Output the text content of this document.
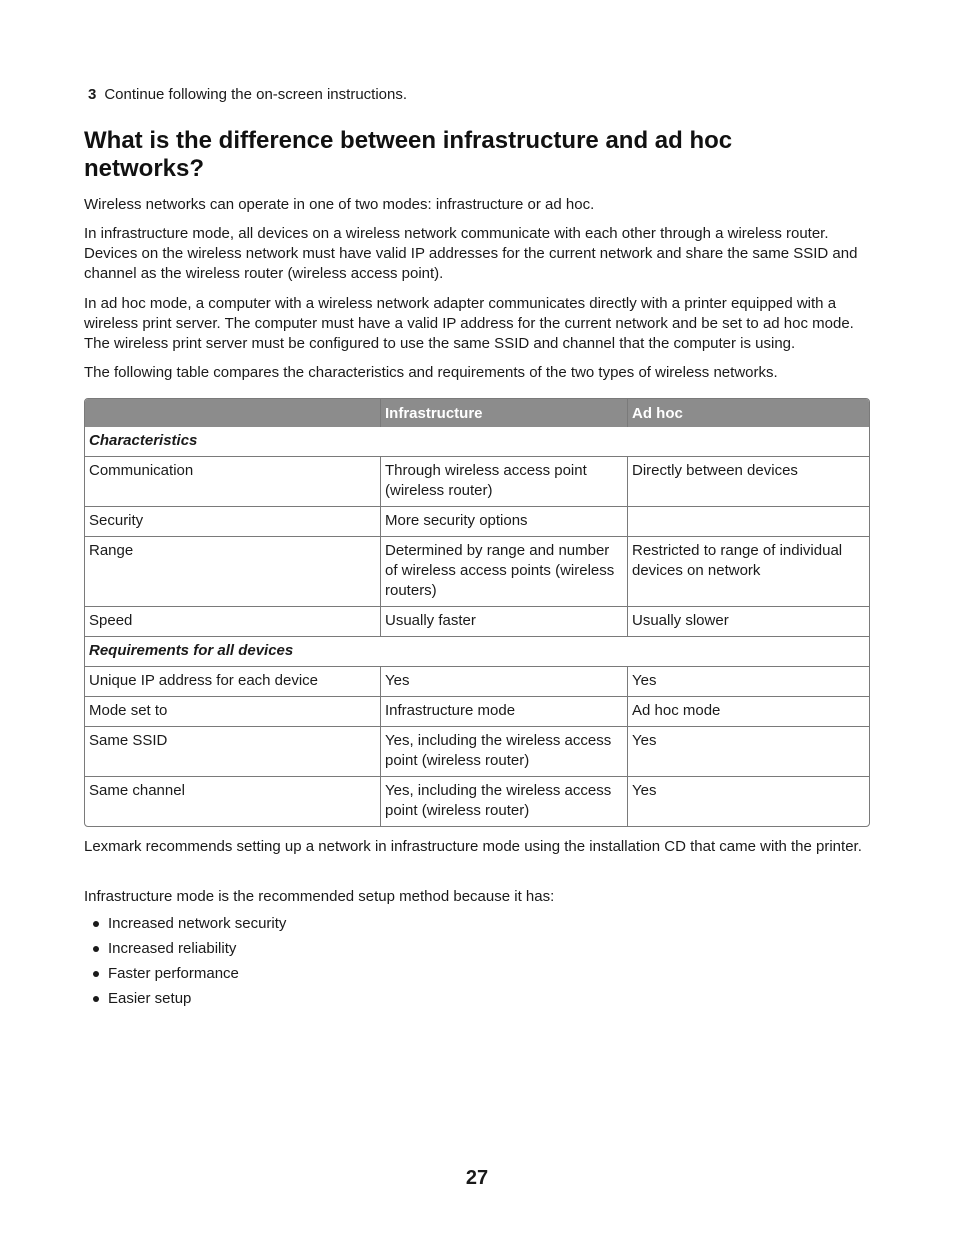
3 Continue following the on-screen instructions.
What is the difference between infrastructure and ad hoc networks?

Wireless networks can operate in one of two modes: infrastructure or ad hoc.

In infrastructure mode, all devices on a wireless network communicate with each other through a wireless router. Devices on the wireless network must have valid IP addresses for the current network and share the same SSID and channel as the wireless router (wireless access point).

In ad hoc mode, a computer with a wireless network adapter communicates directly with a printer equipped with a wireless print server. The computer must have a valid IP address for the current network and be set to ad hoc mode. The wireless print server must be configured to use the same SSID and channel that the computer is using.

The following table compares the characteristics and requirements of the two types of wireless networks.

	Infrastructure	Ad hoc
Characteristics		
Communication	Through wireless access point (wireless router)	Directly between devices
Security	More security options	
Range	Determined by range and number of wireless access points (wireless routers)	Restricted to range of individual devices on network
Speed	Usually faster	Usually slower
Requirements for all devices		
Unique IP address for each device	Yes	Yes
Mode set to	Infrastructure mode	Ad hoc mode
Same SSID	Yes, including the wireless access point (wireless router)	Yes
Same channel	Yes, including the wireless access point (wireless router)	Yes

Lexmark recommends setting up a network in infrastructure mode using the installation CD that came with the printer.

Infrastructure mode is the recommended setup method because it has:

Increased network security
Increased reliability
Faster performance
Easier setup
27
